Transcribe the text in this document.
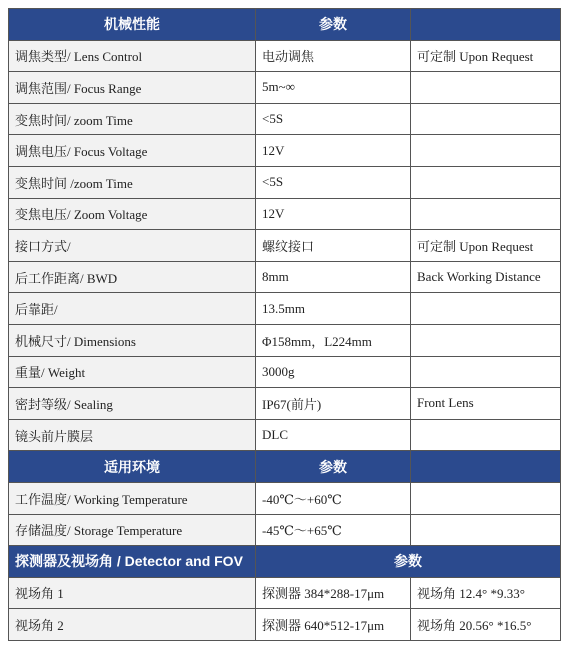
机械性能	参数	
调焦类型/ Lens Control	电动调焦	可定制 Upon Request
调焦范围/ Focus Range	5m~∞	
变焦时间/ zoom Time	<5S	
调焦电压/ Focus Voltage	12V	
变焦时间 /zoom Time	<5S	
变焦电压/ Zoom Voltage	12V	
接口方式/	螺纹接口	可定制 Upon Request
后工作距离/ BWD	8mm	Back Working Distance
后靠距/	13.5mm	
机械尺寸/ Dimensions	Φ158mm，L224mm	
重量/ Weight	3000g	
密封等级/ Sealing	IP67(前片)	Front Lens
镜头前片膜层	DLC	
适用环境	参数	
工作温度/ Working Temperature	-40℃～+60℃	
存储温度/ Storage Temperature	-45℃～+65℃	
探测器及视场角 / Detector and FOV	参数	
视场角 1	探测器 384*288-17μm	视场角 12.4° *9.33°
视场角 2	探测器 640*512-17μm	视场角 20.56° *16.5°
